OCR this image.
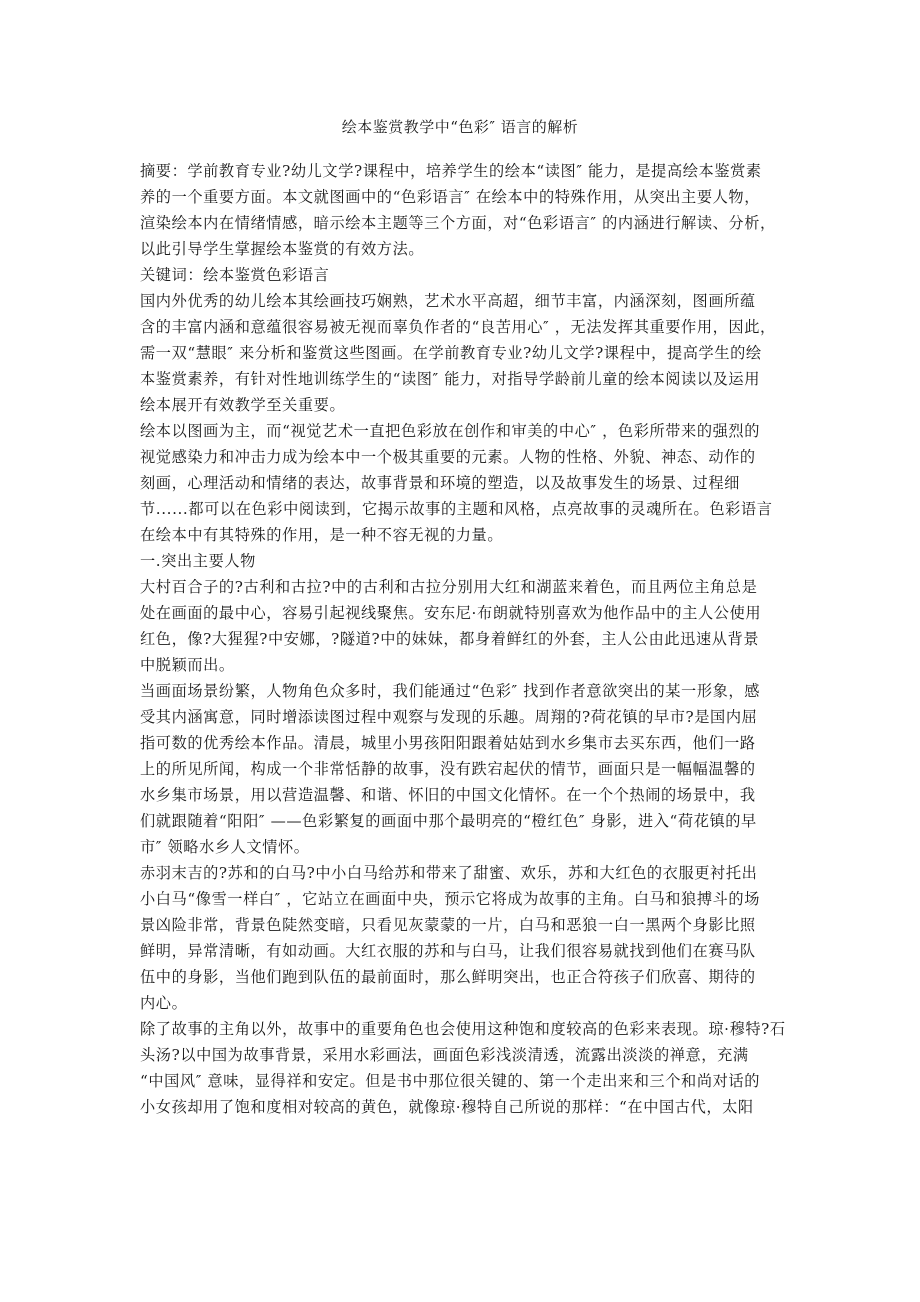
绘本鉴赏教学中“色彩″ 语言的解析
摘要：学前教育专业?幼儿文学?课程中，培养学生的绘本“读图″ 能力，是提高绘本鉴赏素
养的一个重要方面。本文就图画中的“色彩语言″ 在绘本中的特殊作用，从突出主要人物，
渲染绘本内在情绪情感，暗示绘本主题等三个方面，对“色彩语言″ 的内涵进行解读、分析，
以此引导学生掌握绘本鉴赏的有效方法。
关键词：绘本鉴赏色彩语言
国内外优秀的幼儿绘本其绘画技巧娴熟，艺术水平高超，细节丰富，内涵深刻，图画所蕴
含的丰富内涵和意蕴很容易被无视而辜负作者的“良苦用心″ ，无法发挥其重要作用，因此，
需一双“慧眼″ 来分析和鉴赏这些图画。在学前教育专业?幼儿文学?课程中，提高学生的绘
本鉴赏素养，有针对性地训练学生的“读图″ 能力，对指导学龄前儿童的绘本阅读以及运用
绘本展开有效教学至关重要。
绘本以图画为主，而“视觉艺术一直把色彩放在创作和审美的中心″ ，色彩所带来的强烈的
视觉感染力和冲击力成为绘本中一个极其重要的元素。人物的性格、外貌、神态、动作的
刻画，心理活动和情绪的表达，故事背景和环境的塑造，以及故事发生的场景、过程细
节......都可以在色彩中阅读到，它揭示故事的主题和风格，点亮故事的灵魂所在。色彩语言
在绘本中有其特殊的作用，是一种不容无视的力量。
一.突出主要人物
大村百合子的?古利和古拉?中的古利和古拉分别用大红和湖蓝来着色，而且两位主角总是
处在画面的最中心，容易引起视线聚焦。安东尼·布朗就特别喜欢为他作品中的主人公使用
红色，像?大猩猩?中安娜，?隧道?中的妹妹，都身着鲜红的外套，主人公由此迅速从背景
中脱颖而出。
当画面场景纷繁，人物角色众多时，我们能通过“色彩″ 找到作者意欲突出的某一形象，感
受其内涵寓意，同时增添读图过程中观察与发现的乐趣。周翔的?荷花镇的早市?是国内屈
指可数的优秀绘本作品。清晨，城里小男孩阳阳跟着姑姑到水乡集市去买东西，他们一路
上的所见所闻，构成一个非常恬静的故事，没有跌宕起伏的情节，画面只是一幅幅温馨的
水乡集市场景，用以营造温馨、和谐、怀旧的中国文化情怀。在一个个热闹的场景中，我
们就跟随着“阳阳″ ——色彩繁复的画面中那个最明亮的“橙红色″ 身影，进入“荷花镇的早
市″ 领略水乡人文情怀。
赤羽末吉的?苏和的白马?中小白马给苏和带来了甜蜜、欢乐，苏和大红色的衣服更衬托出
小白马“像雪一样白″ ，它站立在画面中央，预示它将成为故事的主角。白马和狼搏斗的场
景凶险非常，背景色陡然变暗，只看见灰蒙蒙的一片，白马和恶狼一白一黑两个身影比照
鲜明，异常清晰，有如动画。大红衣服的苏和与白马，让我们很容易就找到他们在赛马队
伍中的身影，当他们跑到队伍的最前面时，那么鲜明突出，也正合符孩子们欣喜、期待的
内心。
除了故事的主角以外，故事中的重要角色也会使用这种饱和度较高的色彩来表现。琼·穆特?石
头汤?以中国为故事背景，采用水彩画法，画面色彩浅淡清透，流露出淡淡的禅意，充满
“中国风″ 意味，显得祥和安定。但是书中那位很关键的、第一个走出来和三个和尚对话的
小女孩却用了饱和度相对较高的黄色，就像琼·穆特自己所说的那样：“在中国古代，太阳
